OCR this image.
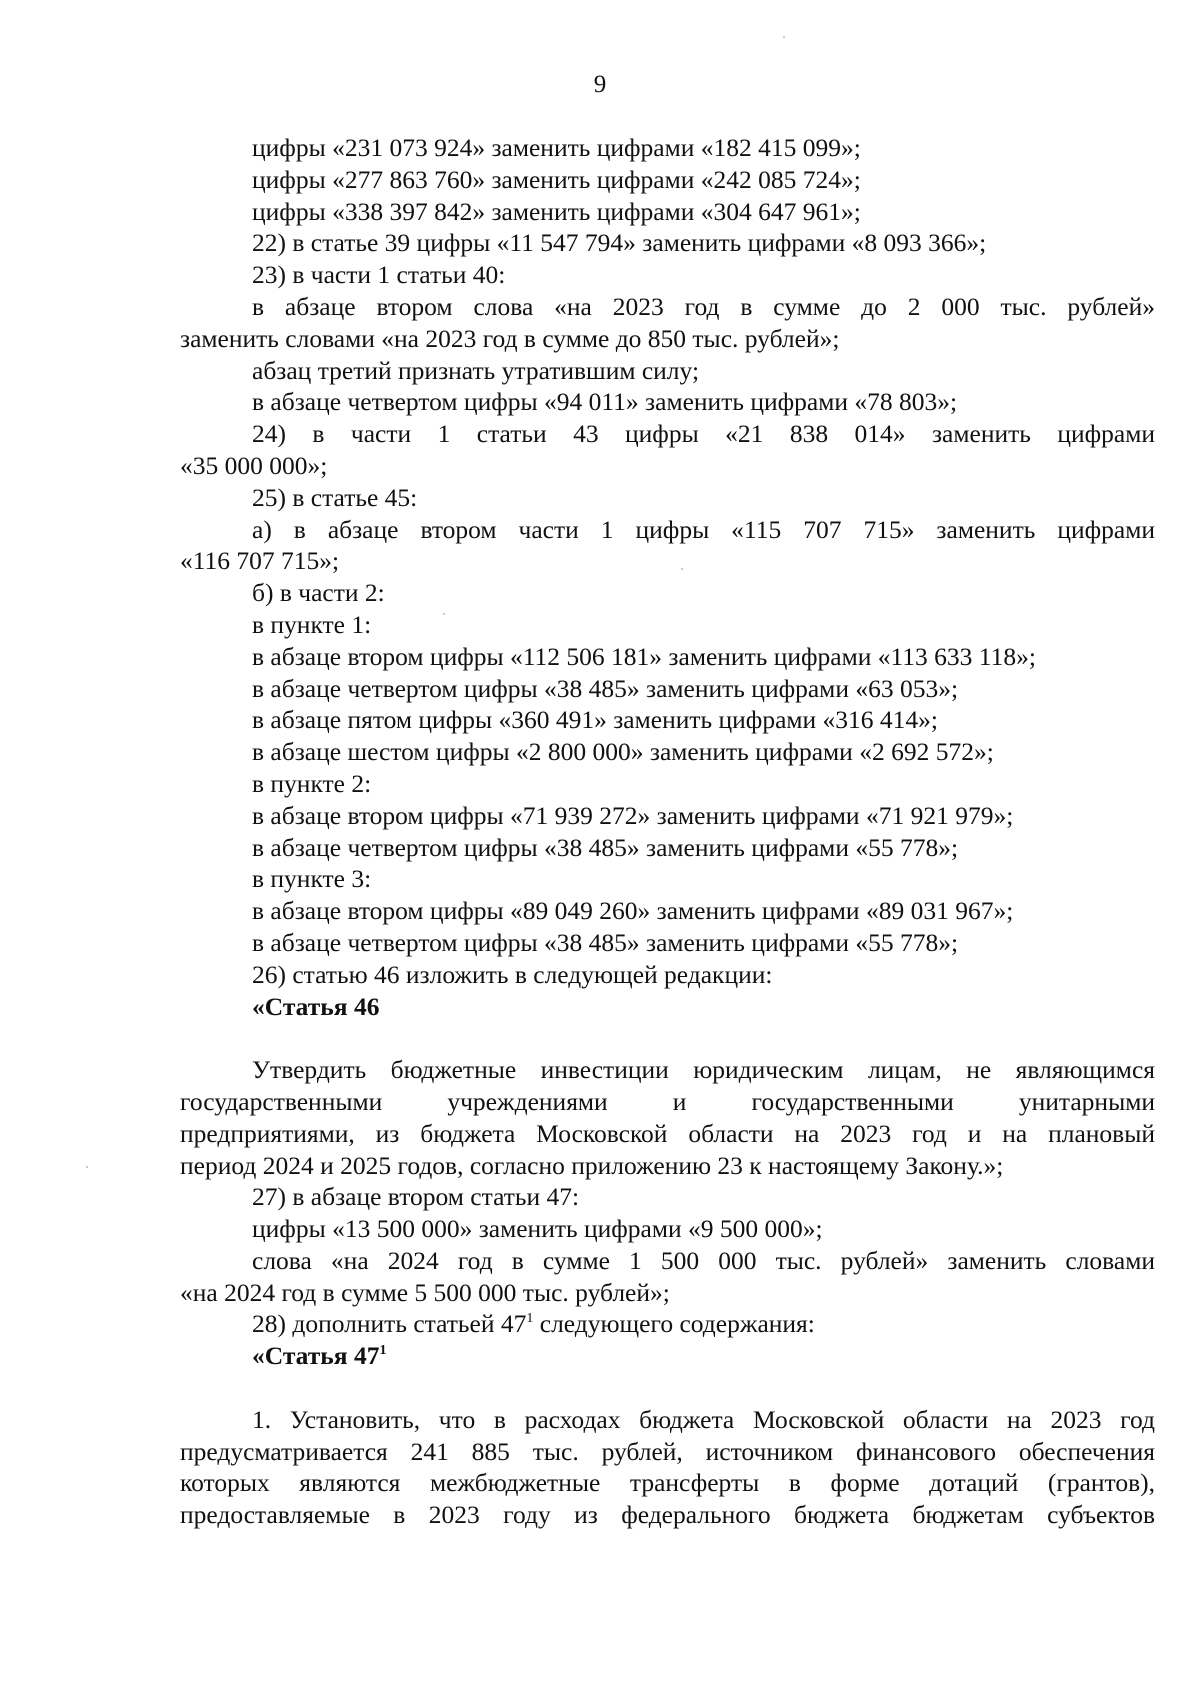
9
цифры «231 073 924» заменить цифрами «182 415 099»;
цифры «277 863 760» заменить цифрами «242 085 724»;
цифры «338 397 842» заменить цифрами «304 647 961»;
22) в статье 39 цифры «11 547 794» заменить цифрами «8 093 366»;
23) в части 1 статьи 40:
в абзаце втором слова «на 2023 год в сумме до 2 000 тыс. рублей»
заменить словами «на 2023 год в сумме до 850 тыс. рублей»;
абзац третий признать утратившим силу;
в абзаце четвертом цифры «94 011» заменить цифрами «78 803»;
24) в части 1 статьи 43 цифры «21 838 014» заменить цифрами
«35 000 000»;
25) в статье 45:
а) в абзаце втором части 1 цифры «115 707 715» заменить цифрами
«116 707 715»;
б) в части 2:
в пункте 1:
в абзаце втором цифры «112 506 181» заменить цифрами «113 633 118»;
в абзаце четвертом цифры «38 485» заменить цифрами «63 053»;
в абзаце пятом цифры «360 491» заменить цифрами «316 414»;
в абзаце шестом цифры «2 800 000» заменить цифрами «2 692 572»;
в пункте 2:
в абзаце втором цифры «71 939 272» заменить цифрами «71 921 979»;
в абзаце четвертом цифры «38 485» заменить цифрами «55 778»;
в пункте 3:
в абзаце втором цифры «89 049 260» заменить цифрами «89 031 967»;
в абзаце четвертом цифры «38 485» заменить цифрами «55 778»;
26) статью 46 изложить в следующей редакции:
«Статья 46
Утвердить бюджетные инвестиции юридическим лицам, не являющимся
государственными учреждениями и государственными унитарными
предприятиями, из бюджета Московской области на 2023 год и на плановый
период 2024 и 2025 годов, согласно приложению 23 к настоящему Закону.»;
27) в абзаце втором статьи 47:
цифры «13 500 000» заменить цифрами «9 500 000»;
слова «на 2024 год в сумме 1 500 000 тыс. рублей» заменить словами
«на 2024 год в сумме 5 500 000 тыс. рублей»;
28) дополнить статьей $47^1$ следующего содержания:
«Статья $47^1$
1. Установить, что в расходах бюджета Московской области на 2023 год
предусматривается 241 885 тыс. рублей, источником финансового обеспечения
которых являются межбюджетные трансферты в форме дотаций (грантов),
предоставляемые в 2023 году из федерального бюджета бюджетам субъектов
